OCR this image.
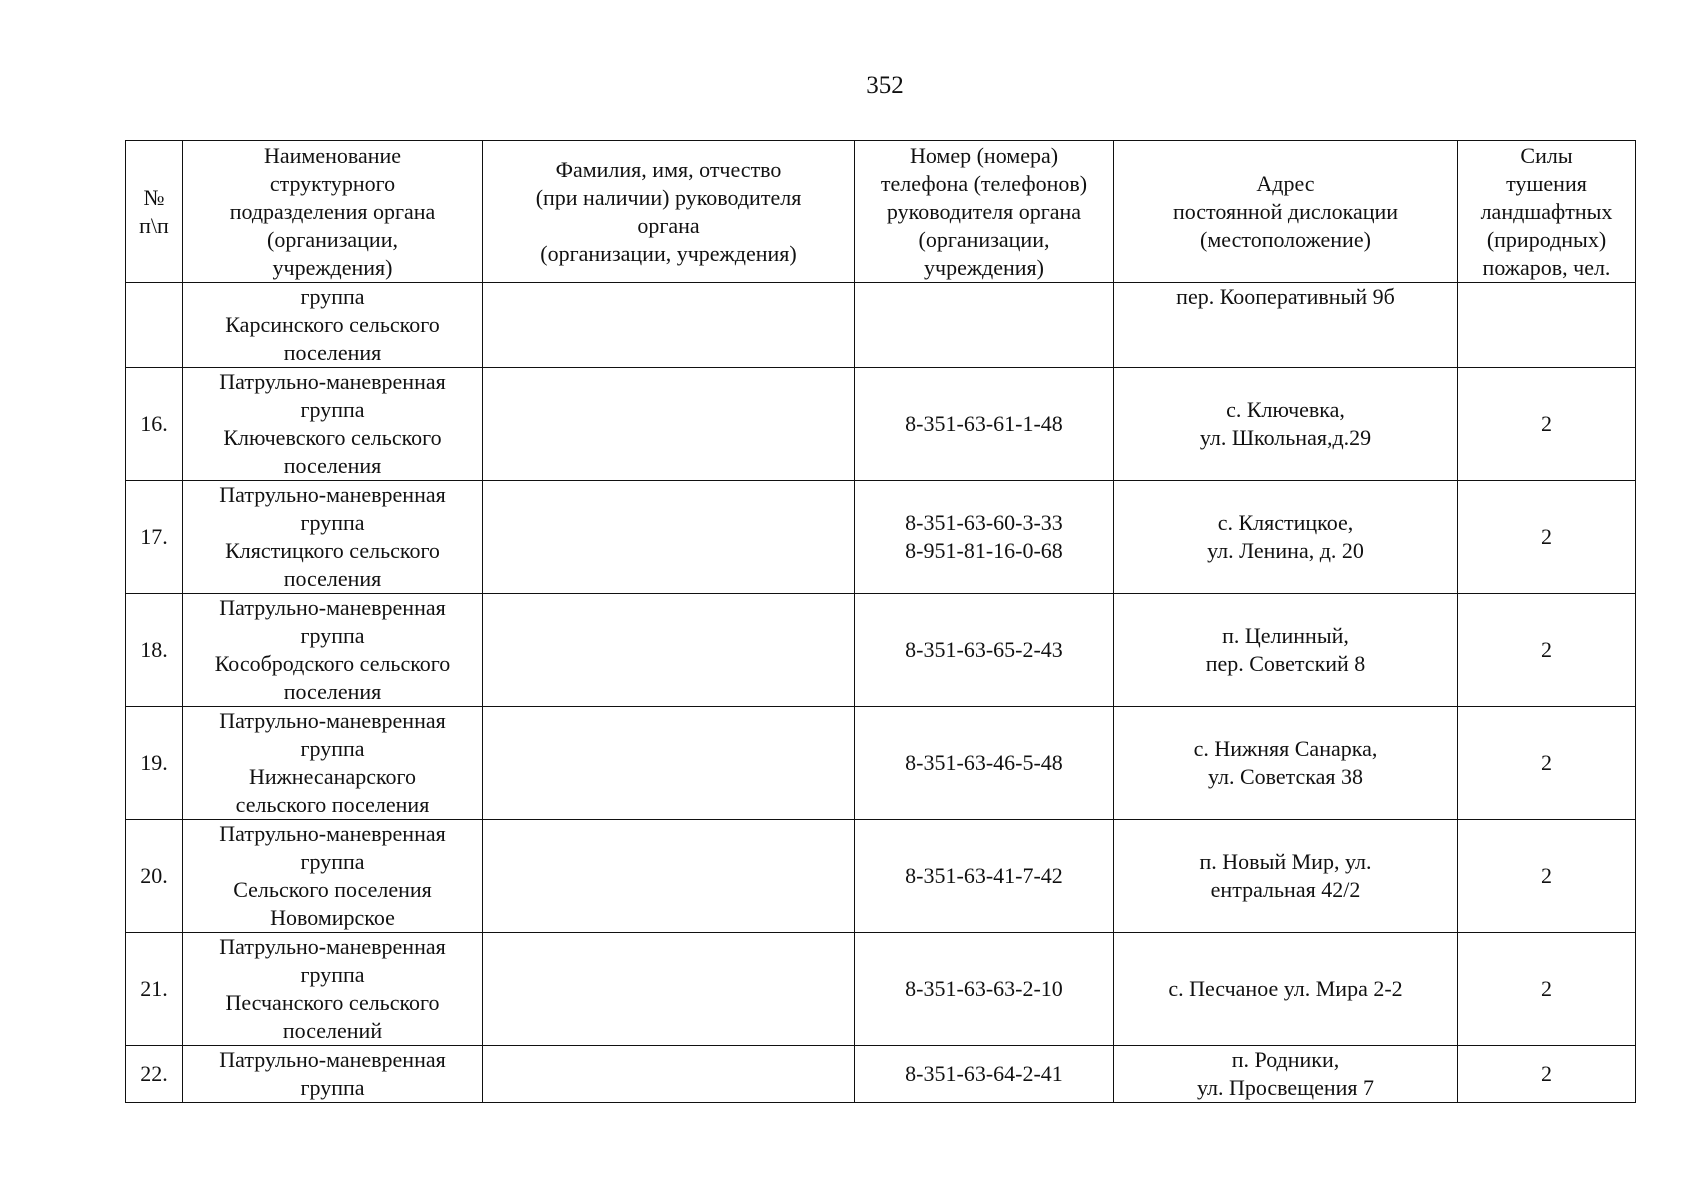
352
№
п\п	Наименование
структурного
подразделения органа
(организации,
учреждения)	Фамилия, имя, отчество
(при наличии) руководителя
органа
(организации, учреждения)	Номер (номера)
телефона (телефонов)
руководителя органа
(организации,
учреждения)	Адрес
постоянной дислокации
(местоположение)	Силы
тушения
ландшафтных
(природных)
пожаров, чел.

	группа
Карсинского сельского
поселения			пер. Кооперативный 9б	

16.	Патрульно-маневренная
группа
Ключевского сельского
поселения		8-351-63-61-1-48	с. Ключевка,
ул. Школьная,д.29	2

17.	Патрульно-маневренная
группа
Клястицкого сельского
поселения		8-351-63-60-3-33
8-951-81-16-0-68	с. Клястицкое,
ул. Ленина, д. 20	2

18.	Патрульно-маневренная
группа
Кособродского сельского
поселения		8-351-63-65-2-43	п. Целинный,
пер. Советский 8	2

19.	Патрульно-маневренная
группа
Нижнесанарского
сельского поселения		8-351-63-46-5-48	с. Нижняя Санарка,
ул. Советская 38	2

20.	Патрульно-маневренная
группа
Сельского поселения
Новомирское		8-351-63-41-7-42	п. Новый Мир, ул.
ентральная 42/2	2

21.	Патрульно-маневренная
группа
Песчанского сельского
поселений		8-351-63-63-2-10	с. Песчаное ул. Мира 2-2	2

22.	Патрульно-маневренная
группа		8-351-63-64-2-41	п. Родники,
ул. Просвещения 7	2
